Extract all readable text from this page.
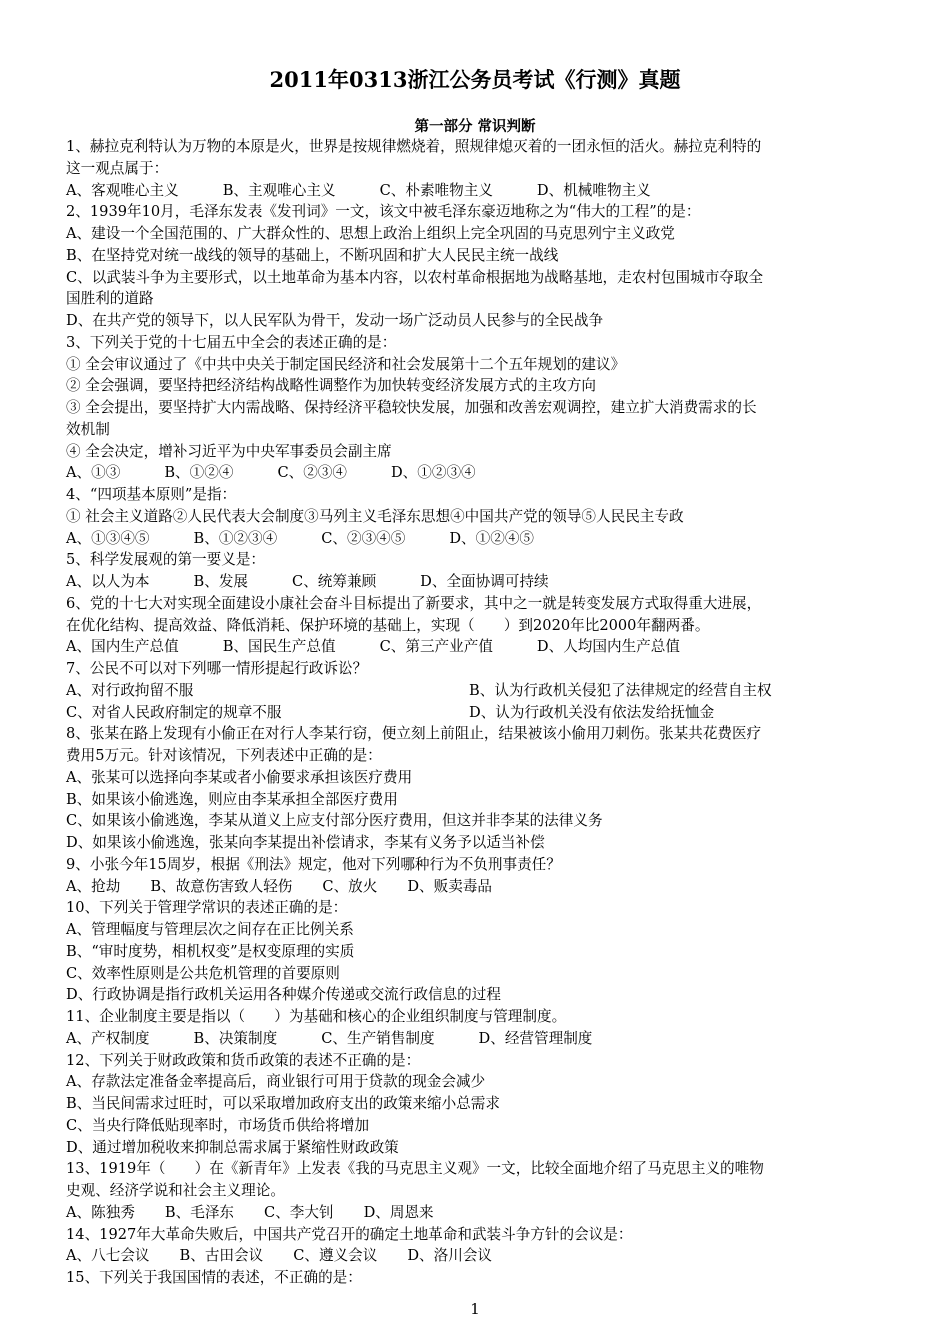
2011年0313浙江公务员考试《行测》真题
第一部分 常识判断
1、赫拉克利特认为万物的本原是火，世界是按规律燃烧着，照规律熄灭着的一团永恒的活火。赫拉克利特的
这一观点属于：
A、客观唯心主义	B、主观唯心主义	C、朴素唯物主义	D、机械唯物主义
2、1939年10月，毛泽东发表《发刊词》一文，该文中被毛泽东豪迈地称之为“伟大的工程”的是：
A、建设一个全国范围的、广大群众性的、思想上政治上组织上完全巩固的马克思列宁主义政党
B、在坚持党对统一战线的领导的基础上，不断巩固和扩大人民民主统一战线
C、以武装斗争为主要形式，以土地革命为基本内容，以农村革命根据地为战略基地，走农村包围城市夺取全
国胜利的道路
D、在共产党的领导下，以人民军队为骨干，发动一场广泛动员人民参与的全民战争
3、下列关于党的十七届五中全会的表述正确的是：
① 全会审议通过了《中共中央关于制定国民经济和社会发展第十二个五年规划的建议》
② 全会强调，要坚持把经济结构战略性调整作为加快转变经济发展方式的主攻方向
③ 全会提出，要坚持扩大内需战略、保持经济平稳较快发展，加强和改善宏观调控，建立扩大消费需求的长
效机制
④ 全会决定，增补习近平为中央军事委员会副主席
A、①③	B、①②④	C、②③④	D、①②③④
4、“四项基本原则”是指：
① 社会主义道路②人民代表大会制度③马列主义毛泽东思想④中国共产党的领导⑤人民民主专政
A、①③④⑤	B、①②③④	C、②③④⑤	D、①②④⑤
5、科学发展观的第一要义是：
A、以人为本	B、发展	C、统筹兼顾	D、全面协调可持续
6、党的十七大对实现全面建设小康社会奋斗目标提出了新要求，其中之一就是转变发展方式取得重大进展，
在优化结构、提高效益、降低消耗、保护环境的基础上，实现（　　）到2020年比2000年翻两番。
A、国内生产总值	B、国民生产总值	C、第三产业产值	D、人均国内生产总值
7、公民不可以对下列哪一情形提起行政诉讼？
A、对行政拘留不服	B、认为行政机关侵犯了法律规定的经营自主权
C、对省人民政府制定的规章不服	D、认为行政机关没有依法发给抚恤金
8、张某在路上发现有小偷正在对行人李某行窃，便立刻上前阻止，结果被该小偷用刀刺伤。张某共花费医疗
费用5万元。针对该情况，下列表述中正确的是：
A、张某可以选择向李某或者小偷要求承担该医疗费用
B、如果该小偷逃逸，则应由李某承担全部医疗费用
C、如果该小偷逃逸，李某从道义上应支付部分医疗费用，但这并非李某的法律义务
D、如果该小偷逃逸，张某向李某提出补偿请求，李某有义务予以适当补偿
9、小张今年15周岁，根据《刑法》规定，他对下列哪种行为不负刑事责任？
A、抢劫 B、故意伤害致人轻伤 C、放火 D、贩卖毒品
10、下列关于管理学常识的表述正确的是：
A、管理幅度与管理层次之间存在正比例关系
B、“审时度势，相机权变”是权变原理的实质
C、效率性原则是公共危机管理的首要原则
D、行政协调是指行政机关运用各种媒介传递或交流行政信息的过程
11、企业制度主要是指以（　　）为基础和核心的企业组织制度与管理制度。
A、产权制度	B、决策制度	C、生产销售制度	D、经营管理制度
12、下列关于财政政策和货币政策的表述不正确的是：
A、存款法定准备金率提高后，商业银行可用于贷款的现金会减少
B、当民间需求过旺时，可以采取增加政府支出的政策来缩小总需求
C、当央行降低贴现率时，市场货币供给将增加
D、通过增加税收来抑制总需求属于紧缩性财政政策
13、1919年（　　）在《新青年》上发表《我的马克思主义观》一文，比较全面地介绍了马克思主义的唯物
史观、经济学说和社会主义理论。
A、陈独秀 B、毛泽东 C、李大钊 D、周恩来
14、1927年大革命失败后，中国共产党召开的确定土地革命和武装斗争方针的会议是：
A、八七会议 B、古田会议 C、遵义会议 D、洛川会议
15、下列关于我国国情的表述，不正确的是：
1
